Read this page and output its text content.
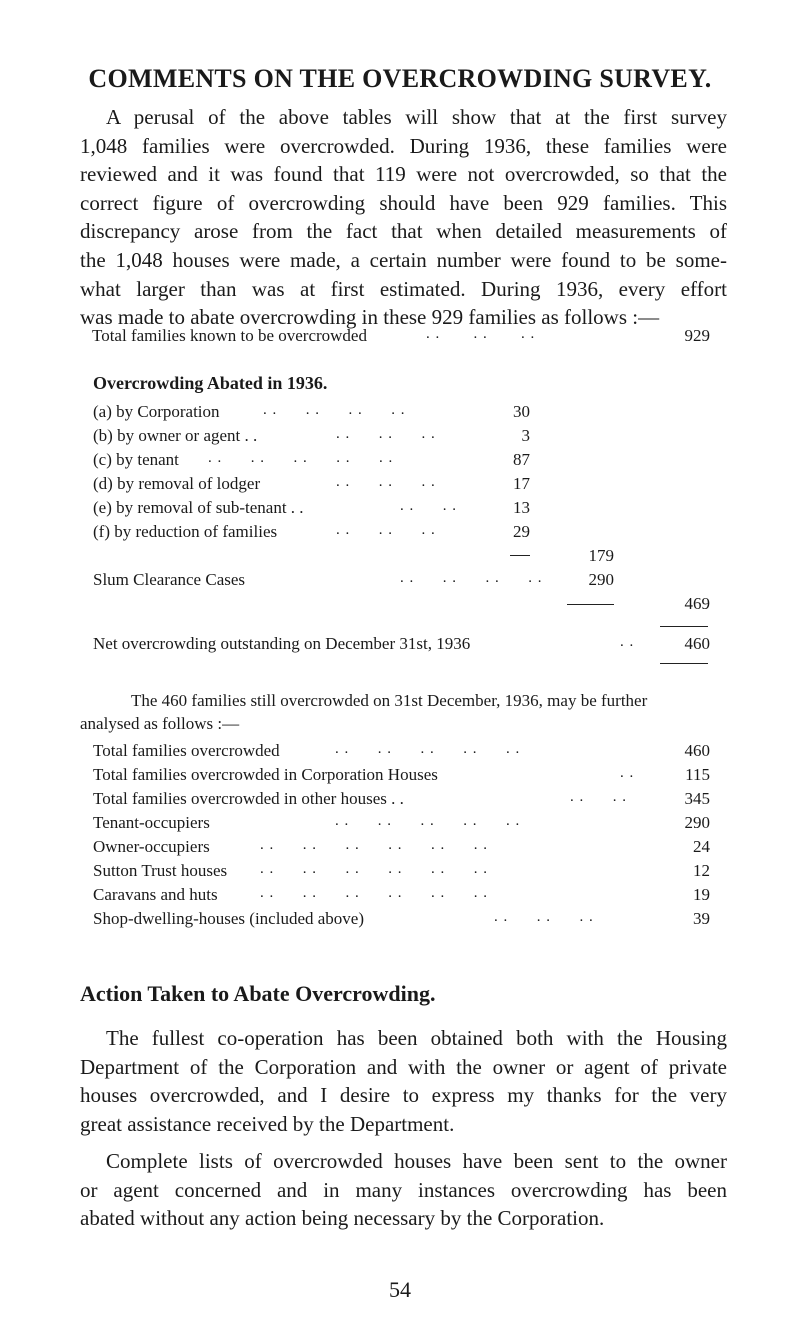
COMMENTS ON THE OVERCROWDING SURVEY.
A perusal of the above tables will show that at the first survey
1,048 families were overcrowded. During 1936, these families were
reviewed and it was found that 119 were not overcrowded, so that the
correct figure of overcrowding should have been 929 families. This
discrepancy arose from the fact that when detailed measurements of
the 1,048 houses were made, a certain number were found to be some-
what larger than was at first estimated. During 1936, every effort
was made to abate overcrowding in these 929 families as follows :—
Total families known to be overcrowded	. .       . .       . .	929
Overcrowding Abated in 1936.
(a) by Corporation	. .      . .      . .      . .	30
(b) by owner or agent . .	. .      . .      . .	3
(c) by tenant . .      . .      . .      . .      . .	87
(d) by removal of lodger	. .      . .      . .	17
(e) by removal of sub-tenant . .	. .      . .	13
(f) by reduction of families	. .      . .      . .	29
179
Slum Clearance Cases	. .      . .      . .      . .	290
469
Net overcrowding outstanding on December 31st, 1936	. .	460
The 460 families still overcrowded on 31st December, 1936, may be further
analysed as follows :—
Total families overcrowded	. .      . .      . .      . .      . .	460
Total families overcrowded in Corporation Houses	. .	115
Total families overcrowded in other houses . .	. .      . .	345
Tenant-occupiers	. .      . .      . .      . .      . .	290
Owner-occupiers	. .      . .      . .      . .      . .      . .	24
Sutton Trust houses . .      . .      . .      . .      . .      . .	12
Caravans and huts	. .      . .      . .      . .      . .      . .	19
Shop-dwelling-houses (included above)	. .      . .      . .	39
Action Taken to Abate Overcrowding.
The fullest co-operation has been obtained both with the Housing
Department of the Corporation and with the owner or agent of private
houses overcrowded, and I desire to express my thanks for the very
great assistance received by the Department.
Complete lists of overcrowded houses have been sent to the owner
or agent concerned and in many instances overcrowding has been
abated without any action being necessary by the Corporation.
54
